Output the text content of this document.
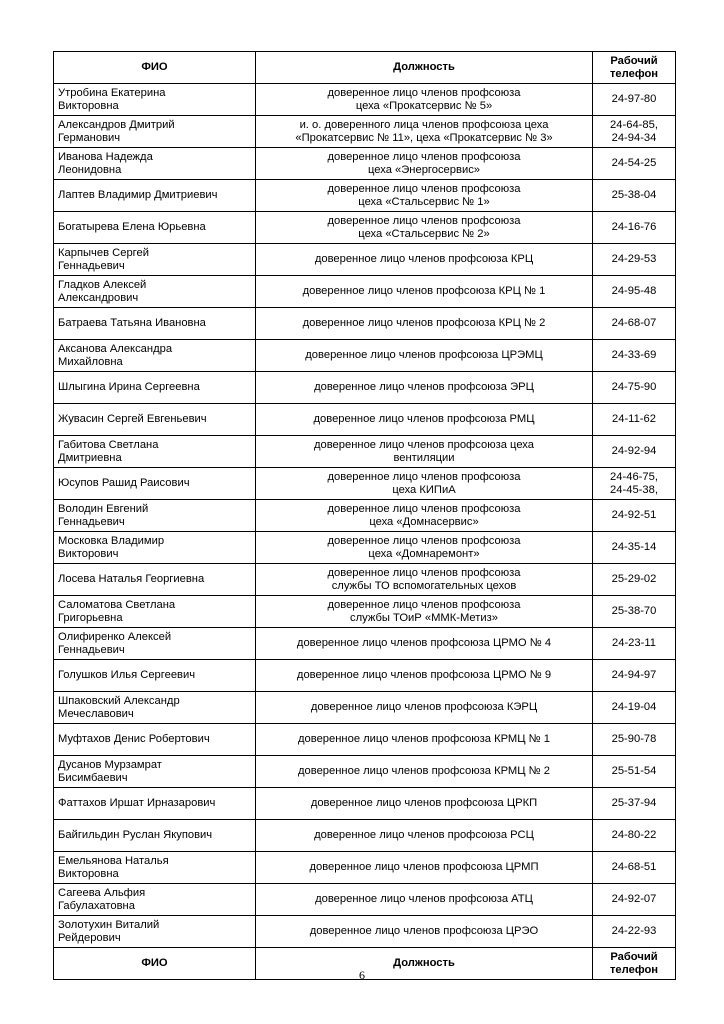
ФИО	Должность	Рабочий
телефон

Утробина Екатерина
Викторовна	доверенное лицо членов профсоюза
цеха «Прокатсервис № 5»	24-97-80

Александров Дмитрий
Германович	и. о. доверенного лица членов профсоюза цеха
«Прокатсервис № 11», цеха «Прокатсервис № 3»	24-64-85,
24-94-34

Иванова Надежда
Леонидовна	доверенное лицо членов профсоюза
цеха «Энергосервис»	24-54-25

Лаптев Владимир Дмитриевич	доверенное лицо членов профсоюза
цеха «Стальсервис № 1»	25-38-04

Богатырева Елена Юрьевна	доверенное лицо членов профсоюза
цеха «Стальсервис № 2»	24-16-76

Карпычев Сергей
Геннадьевич	доверенное лицо членов профсоюза КРЦ	24-29-53

Гладков Алексей
Александрович	доверенное лицо членов профсоюза КРЦ № 1	24-95-48

Батраева Татьяна Ивановна	доверенное лицо членов профсоюза КРЦ № 2	24-68-07

Аксанова Александра
Михайловна	доверенное лицо членов профсоюза ЦРЭМЦ	24-33-69

Шлыгина Ирина Сергеевна	доверенное лицо членов профсоюза ЭРЦ	24-75-90

Жувасин Сергей Евгеньевич	доверенное лицо членов профсоюза РМЦ	24-11-62

Габитова Светлана
Дмитриевна	доверенное лицо членов профсоюза цеха
вентиляции	24-92-94

Юсупов Рашид Раисович	доверенное лицо членов профсоюза
цеха КИПиА	24-46-75,
24-45-38,

Володин Евгений
Геннадьевич	доверенное лицо членов профсоюза
цеха «Домнасервис»	24-92-51

Московка Владимир
Викторович	доверенное лицо членов профсоюза
цеха «Домнаремонт»	24-35-14

Лосева Наталья Георгиевна	доверенное лицо членов профсоюза
службы ТО вспомогательных цехов	25-29-02

Саломатова Светлана
Григорьевна	доверенное лицо членов профсоюза
службы ТОиР «ММК-Метиз»	25-38-70

Олифиренко Алексей
Геннадьевич	доверенное лицо членов профсоюза ЦРМО № 4	24-23-11

Голушков Илья Сергеевич	доверенное лицо членов профсоюза ЦРМО № 9	24-94-97

Шпаковский Александр
Мечеславович	доверенное лицо членов профсоюза КЭРЦ	24-19-04

Муфтахов Денис Робертович	доверенное лицо членов профсоюза КРМЦ № 1	25-90-78

Дусанов Мурзамрат
Бисимбаевич	доверенное лицо членов профсоюза КРМЦ № 2	25-51-54

Фаттахов Иршат Ирназарович	доверенное лицо членов профсоюза ЦРКП	25-37-94

Байгильдин Руслан Якупович	доверенное лицо членов профсоюза РСЦ	24-80-22

Емельянова Наталья
Викторовна	доверенное лицо членов профсоюза ЦРМП	24-68-51

Сагеева Альфия
Габулахатовна	доверенное лицо членов профсоюза АТЦ	24-92-07

Золотухин Виталий
Рейдерович	доверенное лицо членов профсоюза ЦРЭО	24-22-93

ФИО	Должность	Рабочий
телефон
6
